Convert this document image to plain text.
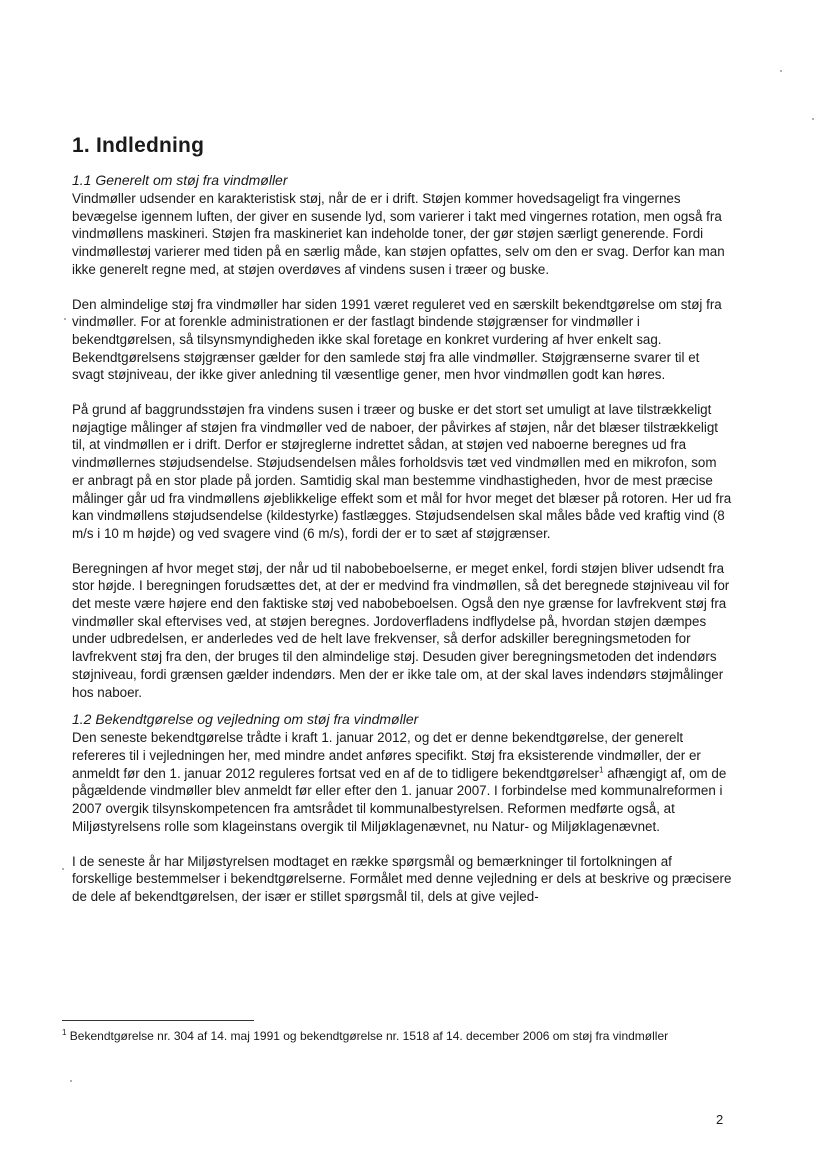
1. Indledning
1.1 Generelt om støj fra vindmøller

Vindmøller udsender en karakteristisk støj, når de er i drift. Støjen kommer hovedsageligt fra vingernes bevægelse igennem luften, der giver en susende lyd, som varierer i takt med vingernes rotation, men også fra vindmøllens maskineri. Støjen fra maskineriet kan indeholde toner, der gør støjen særligt generende. Fordi vindmøllestøj varierer med tiden på en særlig måde, kan støjen opfattes, selv om den er svag. Derfor kan man ikke generelt regne med, at støjen overdøves af vindens susen i træer og buske.

Den almindelige støj fra vindmøller har siden 1991 været reguleret ved en særskilt bekendtgørelse om støj fra vindmøller. For at forenkle administrationen er der fastlagt bindende støjgrænser for vindmøller i bekendtgørelsen, så tilsynsmyndigheden ikke skal foretage en konkret vurdering af hver enkelt sag. Bekendtgørelsens støjgrænser gælder for den samlede støj fra alle vindmøller. Støjgrænserne svarer til et svagt støjniveau, der ikke giver anledning til væsentlige gener, men hvor vindmøllen godt kan høres.

På grund af baggrundsstøjen fra vindens susen i træer og buske er det stort set umuligt at lave tilstrækkeligt nøjagtige målinger af støjen fra vindmøller ved de naboer, der påvirkes af støjen, når det blæser tilstrækkeligt til, at vindmøllen er i drift. Derfor er støjreglerne indrettet sådan, at støjen ved naboerne beregnes ud fra vindmøllernes støjudsendelse. Støjudsendelsen måles forholdsvis tæt ved vindmøllen med en mikrofon, som er anbragt på en stor plade på jorden. Samtidig skal man bestemme vindhastigheden, hvor de mest præcise målinger går ud fra vindmøllens øjeblikkelige effekt som et mål for hvor meget det blæser på rotoren. Her ud fra kan vindmøllens støjudsendelse (kildestyrke) fastlægges. Støjudsendelsen skal måles både ved kraftig vind (8 m/s i 10 m højde) og ved svagere vind (6 m/s), fordi der er to sæt af støjgrænser.

Beregningen af hvor meget støj, der når ud til nabobeboelserne, er meget enkel, fordi støjen bliver udsendt fra stor højde. I beregningen forudsættes det, at der er medvind fra vindmøllen, så det beregnede støjniveau vil for det meste være højere end den faktiske støj ved nabobeboelsen. Også den nye grænse for lavfrekvent støj fra vindmøller skal eftervises ved, at støjen beregnes. Jordoverfladens indflydelse på, hvordan støjen dæmpes under udbredelsen, er anderledes ved de helt lave frekvenser, så derfor adskiller beregningsmetoden for lavfrekvent støj fra den, der bruges til den almindelige støj. Desuden giver beregningsmetoden det indendørs støjniveau, fordi grænsen gælder indendørs. Men der er ikke tale om, at der skal laves indendørs støjmålinger hos naboer.

1.2 Bekendtgørelse og vejledning om støj fra vindmøller

Den seneste bekendtgørelse trådte i kraft 1. januar 2012, og det er denne bekendtgørelse, der generelt refereres til i vejledningen her, med mindre andet anføres specifikt. Støj fra eksisterende vindmøller, der er anmeldt før den 1. januar 2012 reguleres fortsat ved en af de to tidligere bekendtgørelser$^1$ afhængigt af, om de pågældende vindmøller blev anmeldt før eller efter den 1. januar 2007. I forbindelse med kommunalreformen i 2007 overgik tilsynskompetencen fra amtsrådet til kommunalbestyrelsen. Reformen medførte også, at Miljøstyrelsens rolle som klageinstans overgik til Miljøklagenævnet, nu Natur- og Miljøklagenævnet.

I de seneste år har Miljøstyrelsen modtaget en række spørgsmål og bemærkninger til fortolkningen af forskellige bestemmelser i bekendtgørelserne. Formålet med denne vejledning er dels at beskrive og præcisere de dele af bekendtgørelsen, der især er stillet spørgsmål til, dels at give vejled-

$^1$ Bekendtgørelse nr. 304 af 14. maj 1991 og bekendtgørelse nr. 1518 af 14. december 2006 om støj fra vindmøller
2
